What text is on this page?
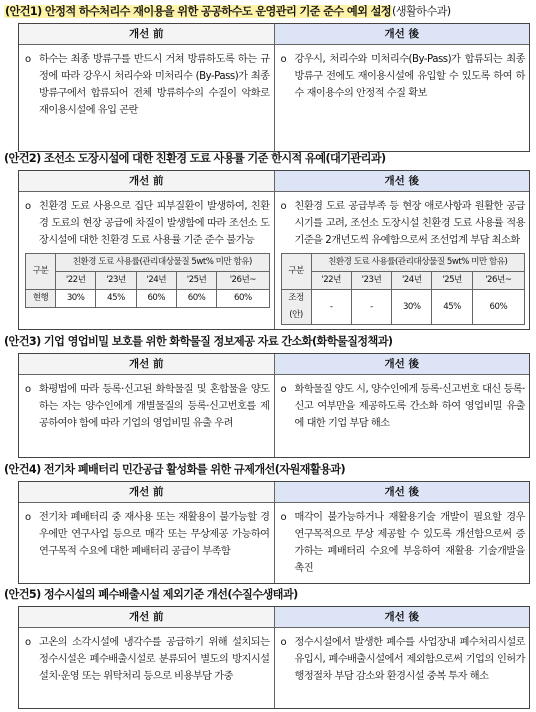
(안건1) 안정적 하수처리수 재이용을 위한 공공하수도 운영관리 기준 준수 예외 설정(생활하수과)
개선 前	개선 後
o 하수는 최종 방류구를 반드시 거쳐 방류하도록 하는 규정에 따라 강우시 처리수와 미처리수 (By-Pass)가 최종 방류구에서 합류되어 전체 방류하수의 수질이 악화로 재이용시설에 유입 곤란
o 강우시, 처리수와 미처리수(By-Pass)가 합류되는 최종 방류구 전에도 재이용시설에 유입할 수 있도록 하여 하수 재이용수의 안정적 수질 확보
(안건2) 조선소 도장시설에 대한 친환경 도료 사용률 기준 한시적 유예(대기관리과)
개선 前	개선 後
o 친환경 도료 사용으로 집단 피부질환이 발생하여, 친환경 도료의 현장 공급에 차질이 발생함에 따라 조선소 도장시설에 대한 친환경 도료 사용률 기준 준수 불가능
구분	친환경 도료 사용률(관리대상물질 5wt% 미만 함유)				
	'22년	'23년	'24년	'25년	'26년~
현행	30%	45%	60%	60%	60%
o 친환경 도료 공급부족 등 현장 애로사항과 원활한 공급시기를 고려, 조선소 도장시설 친환경 도료 사용률 적용기준을 2개년도씩 유예함으로써 조선업계 부담 최소화
구분	친환경 도료 사용률(관리대상물질 5wt% 미만 함유)				
	'22년	'23년	'24년	'25년	'26년~
조정(안)	-	-	30%	45%	60%
(안건3) 기업 영업비밀 보호를 위한 화학물질 정보제공 자료 간소화(화학물질정책과)
개선 前	개선 後
o 화평법에 따라 등록·신고된 화학물질 및 혼합물을 양도하는 자는 양수인에게 개별물질의 등록·신고번호를 제공하여야 함에 따라 기업의 영업비밀 유출 우려
o 화학물질 양도 시, 양수인에게 등록·신고번호 대신 등록·신고 여부만을 제공하도록 간소화 하여 영업비밀 유출에 대한 기업 부담 해소
(안건4) 전기차 폐배터리 민간공급 활성화를 위한 규제개선(자원재활용과)
개선 前	개선 後
o 전기차 폐배터리 중 재사용 또는 재활용이 불가능할 경우에만 연구사업 등으로 매각 또는 무상제공 가능하여 연구목적 수요에 대한 폐배터리 공급이 부족함
o 매각이 불가능하거나 재활용기술 개발이 필요할 경우 연구목적으로 무상 제공할 수 있도록 개선함으로써 증가하는 폐배터리 수요에 부응하여 재활용 기술개발을 촉진
(안건5) 정수시설의 폐수배출시설 제외기준 개선(수질수생태과)
개선 前	개선 後
o 고온의 소각시설에 냉각수를 공급하기 위해 설치되는 정수시설은 폐수배출시설로 분류되어 별도의 방지시설 설치·운영 또는 위탁처리 등으로 비용부담 가중
o 정수시설에서 발생한 폐수를 사업장내 폐수처리시설로 유입시, 폐수배출시설에서 제외함으로써 기업의 인허가 행정절차 부담 감소와 환경시설 중복 투자 해소
